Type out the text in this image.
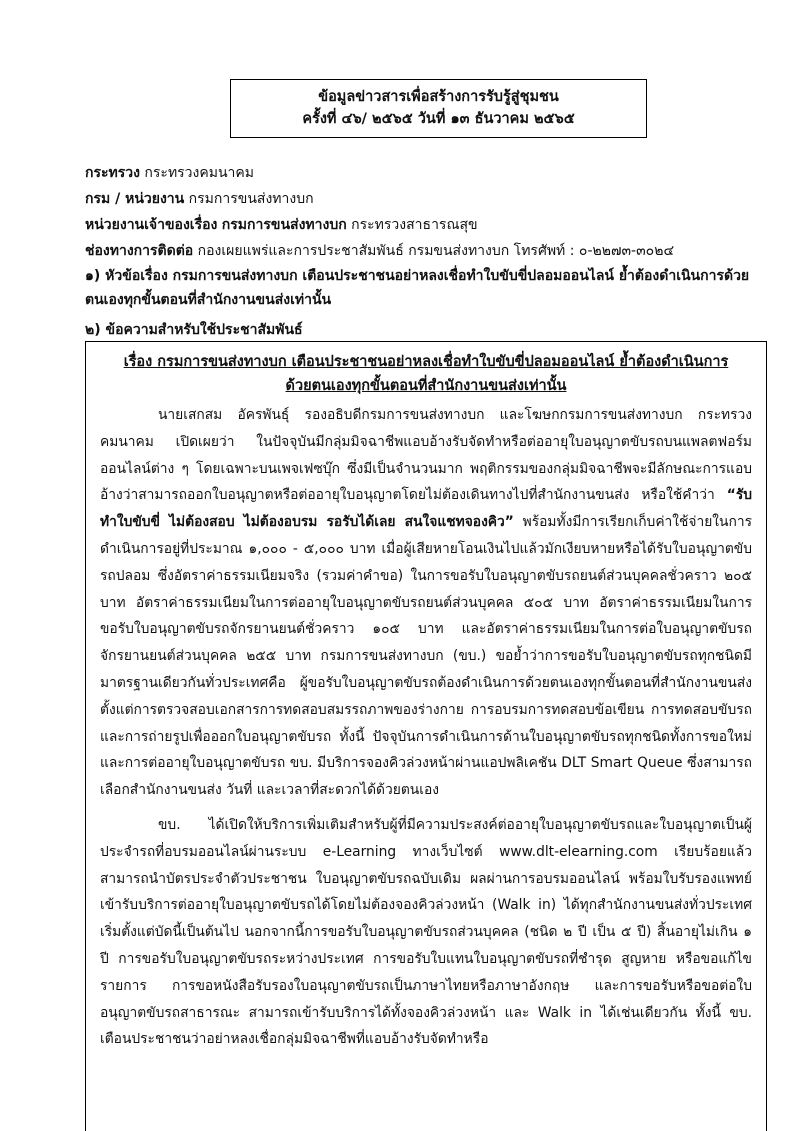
ข้อมูลข่าวสารเพื่อสร้างการรับรู้สู่ชุมชน
ครั้งที่ ๔๖/ ๒๕๖๕ วันที่ ๑๓ ธันวาคม ๒๕๖๕
กระทรวง กระทรวงคมนาคม
กรม / หน่วยงาน กรมการขนส่งทางบก
หน่วยงานเจ้าของเรื่อง กรมการขนส่งทางบก กระทรวงสาธารณสุข
ช่องทางการติดต่อ กองเผยแพร่และการประชาสัมพันธ์ กรมขนส่งทางบก โทรศัพท์ : ๐-๒๒๗๓-๓๐๒๔
๑) หัวข้อเรื่อง กรมการขนส่งทางบก เตือนประชาชนอย่าหลงเชื่อทำใบขับขี่ปลอมออนไลน์ ย้ำต้องดำเนินการด้วยตนเองทุกขั้นตอนที่สำนักงานขนส่งเท่านั้น
๒) ข้อความสำหรับใช้ประชาสัมพันธ์
เรื่อง กรมการขนส่งทางบก เตือนประชาชนอย่าหลงเชื่อทำใบขับขี่ปลอมออนไลน์ ย้ำต้องดำเนินการ
ด้วยตนเองทุกขั้นตอนที่สำนักงานขนส่งเท่านั้น

นายเสกสม อัครพันธุ์ รองอธิบดีกรมการขนส่งทางบก และโฆษกกรมการขนส่งทางบก กระทรวงคมนาคม เปิดเผยว่า ในปัจจุบันมีกลุ่มมิจฉาชีพแอบอ้างรับจัดทำหรือต่ออายุใบอนุญาตขับรถบนแพลตฟอร์มออนไลน์ต่าง ๆ โดยเฉพาะบนเพจเฟซบุ๊ก ซึ่งมีเป็นจำนวนมาก พฤติกรรมของกลุ่มมิจฉาชีพจะมีลักษณะการแอบอ้างว่าสามารถออกใบอนุญาตหรือต่ออายุใบอนุญาตโดยไม่ต้องเดินทางไปที่สำนักงานขนส่ง หรือใช้คำว่า “รับทำใบขับขี่ ไม่ต้องสอบ ไม่ต้องอบรม รอรับได้เลย สนใจแชทจองคิว” พร้อมทั้งมีการเรียกเก็บค่าใช้จ่ายในการดำเนินการอยู่ที่ประมาณ ๑,๐๐๐ - ๕,๐๐๐ บาท เมื่อผู้เสียหายโอนเงินไปแล้วมักเงียบหายหรือได้รับใบอนุญาตขับรถปลอม ซึ่งอัตราค่าธรรมเนียมจริง (รวมค่าคำขอ) ในการขอรับใบอนุญาตขับรถยนต์ส่วนบุคคลชั่วคราว ๒๐๕ บาท อัตราค่าธรรมเนียมในการต่ออายุใบอนุญาตขับรถยนต์ส่วนบุคคล ๕๐๕ บาท อัตราค่าธรรมเนียมในการขอรับใบอนุญาตขับรถจักรยานยนต์ชั่วคราว ๑๐๕ บาท และอัตราค่าธรรมเนียมในการต่อใบอนุญาตขับรถจักรยานยนต์ส่วนบุคคล ๒๕๕ บาท กรมการขนส่งทางบก (ขบ.) ขอย้ำว่าการขอรับใบอนุญาตขับรถทุกชนิดมีมาตรฐานเดียวกันทั่วประเทศคือ ผู้ขอรับใบอนุญาตขับรถต้องดำเนินการด้วยตนเองทุกขั้นตอนที่สำนักงานขนส่ง ตั้งแต่การตรวจสอบเอกสารการทดสอบสมรรถภาพของร่างกาย การอบรมการทดสอบข้อเขียน การทดสอบขับรถ และการถ่ายรูปเพื่อออกใบอนุญาตขับรถ ทั้งนี้ ปัจจุบันการดำเนินการด้านใบอนุญาตขับรถทุกชนิดทั้งการขอใหม่และการต่ออายุใบอนุญาตขับรถ ขบ. มีบริการจองคิวล่วงหน้าผ่านแอปพลิเคชัน DLT Smart Queue ซึ่งสามารถเลือกสำนักงานขนส่ง วันที่ และเวลาที่สะดวกได้ด้วยตนเอง

ขบ. ได้เปิดให้บริการเพิ่มเติมสำหรับผู้ที่มีความประสงค์ต่ออายุใบอนุญาตขับรถและใบอนุญาตเป็นผู้ประจำรถที่อบรมออนไลน์ผ่านระบบ e-Learning ทางเว็บไซต์ www.dlt-elearning.com เรียบร้อยแล้ว สามารถนำบัตรประจำตัวประชาชน ใบอนุญาตขับรถฉบับเดิม ผลผ่านการอบรมออนไลน์ พร้อมใบรับรองแพทย์ เข้ารับบริการต่ออายุใบอนุญาตขับรถได้โดยไม่ต้องจองคิวล่วงหน้า (Walk in) ได้ทุกสำนักงานขนส่งทั่วประเทศ เริ่มตั้งแต่บัดนี้เป็นต้นไป นอกจากนี้การขอรับใบอนุญาตขับรถส่วนบุคคล (ชนิด ๒ ปี เป็น ๕ ปี) สิ้นอายุไม่เกิน ๑ ปี การขอรับใบอนุญาตขับรถระหว่างประเทศ การขอรับใบแทนใบอนุญาตขับรถที่ชำรุด สูญหาย หรือขอแก้ไขรายการ การขอหนังสือรับรองใบอนุญาตขับรถเป็นภาษาไทยหรือภาษาอังกฤษ และการขอรับหรือขอต่อใบอนุญาตขับรถสาธารณะ สามารถเข้ารับบริการได้ทั้งจองคิวล่วงหน้า และ Walk in ได้เช่นเดียวกัน ทั้งนี้ ขบ. เตือนประชาชนว่าอย่าหลงเชื่อกลุ่มมิจฉาชีพที่แอบอ้างรับจัดทำหรือ
